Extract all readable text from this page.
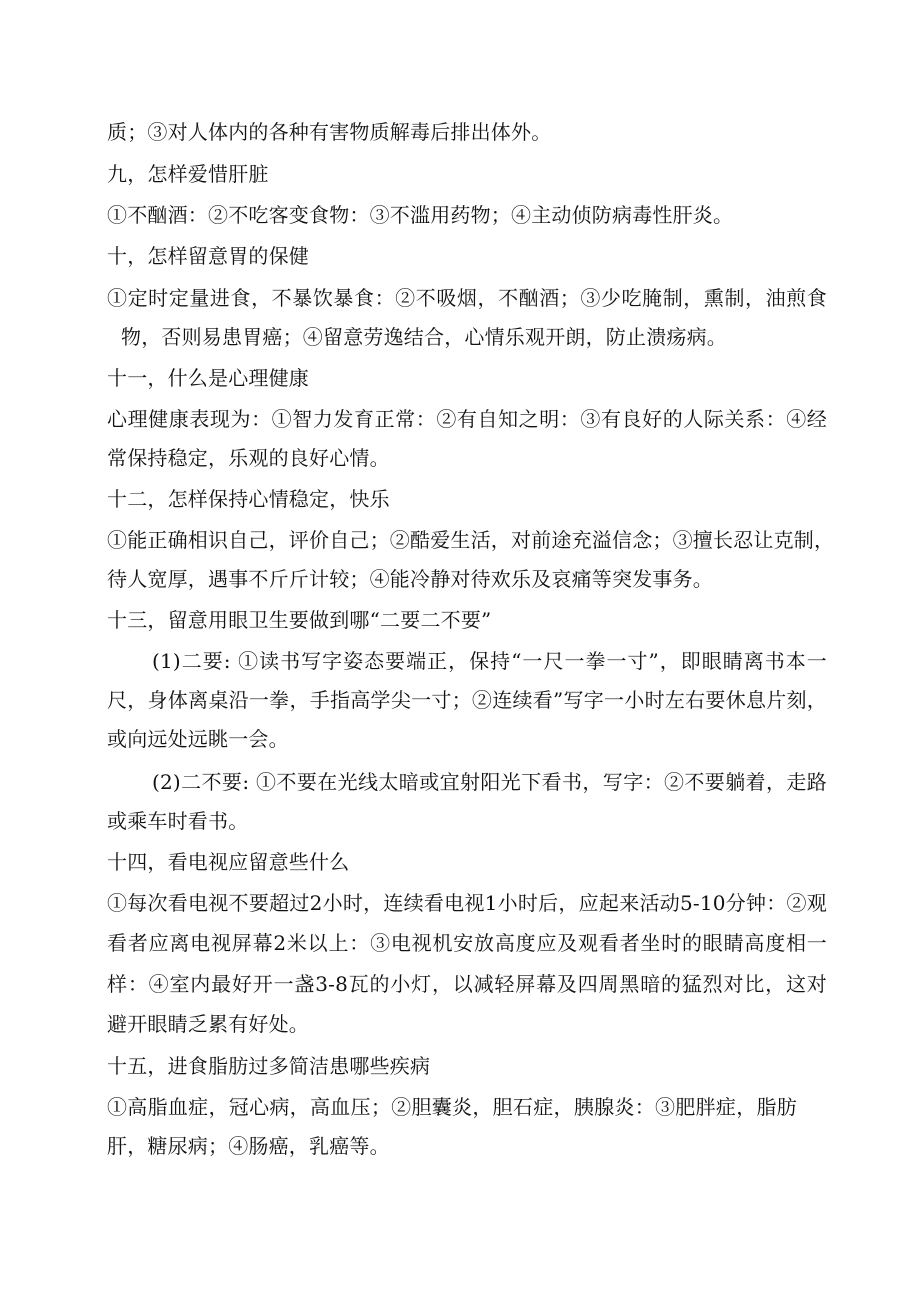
质；③对人体内的各种有害物质解毒后排出体外。
九，怎样爱惜肝脏
①不酗酒：②不吃客变食物：③不滥用药物；④主动侦防病毒性肝炎。
十，怎样留意胃的保健
①定时定量进食，不暴饮暴食：②不吸烟，不酗酒；③少吃腌制，熏制，油煎食
物，否则易患胃癌；④留意劳逸结合，心情乐观开朗，防止溃疡病。
十一，什么是心理健康
心理健康表现为：①智力发育正常：②有自知之明：③有良好的人际关系：④经
常保持稳定，乐观的良好心情。
十二，怎样保持心情稳定，快乐
①能正确相识自己，评价自己；②酷爱生活，对前途充溢信念；③擅长忍让克制，
待人宽厚，遇事不斤斤计较；④能冷静对待欢乐及哀痛等突发事务。
十三，留意用眼卫生要做到哪“二要二不要”
(1)二要: ①读书写字姿态要端正，保持“一尺一拳一寸”，即眼睛离书本一
尺，身体离桌沿一拳，手指高学尖一寸；②连续看”写字一小时左右要休息片刻，
或向远处远眺一会。
(2)二不要: ①不要在光线太暗或宜射阳光下看书，写字：②不要躺着，走路
或乘车时看书。
十四，看电视应留意些什么
①每次看电视不要超过2小时，连续看电视1小时后，应起来活动5-10分钟：②观
看者应离电视屏幕2米以上：③电视机安放高度应及观看者坐时的眼睛高度相一
样：④室内最好开一盏3-8瓦的小灯，以减轻屏幕及四周黑暗的猛烈对比，这对
避开眼睛乏累有好处。
十五，进食脂肪过多简洁患哪些疾病
①高脂血症，冠心病，高血压；②胆囊炎，胆石症，胰腺炎：③肥胖症，脂肪
肝，糖尿病；④肠癌，乳癌等。
